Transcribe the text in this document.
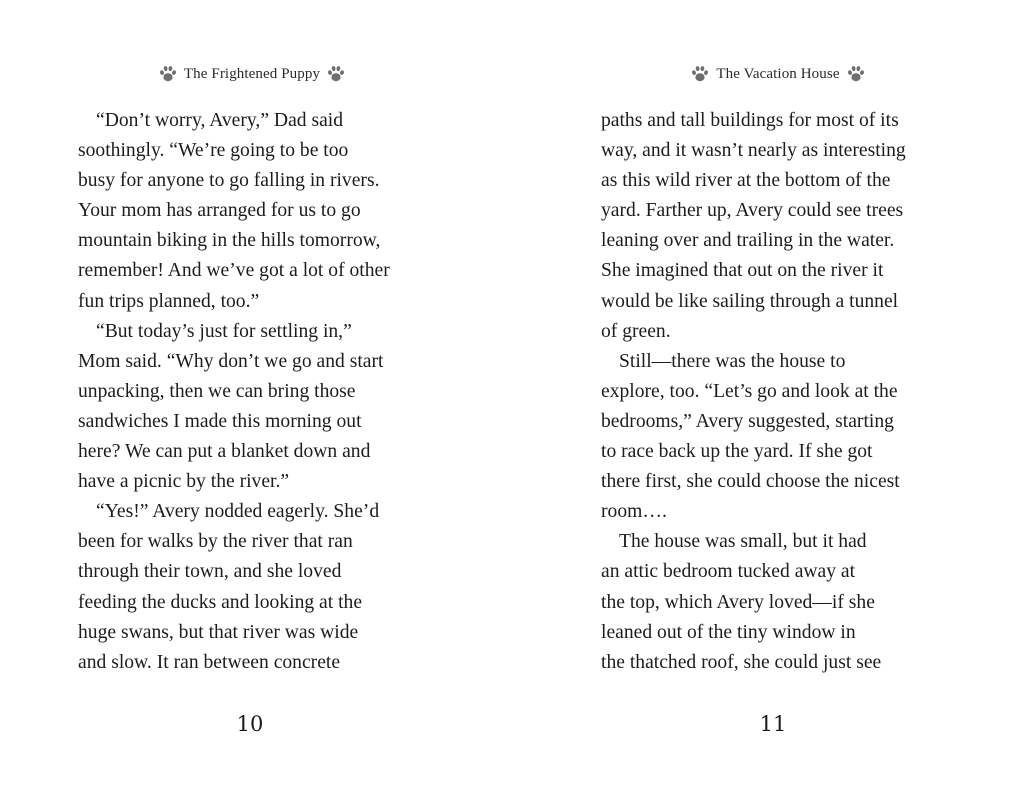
The Frightened Puppy
“Don’t worry, Avery,” Dad said
soothingly. “We’re going to be too
busy for anyone to go falling in rivers.
Your mom has arranged for us to go
mountain biking in the hills tomorrow,
remember! And we’ve got a lot of other
fun trips planned, too.”
“But today’s just for settling in,”
Mom said. “Why don’t we go and start
unpacking, then we can bring those
sandwiches I made this morning out
here? We can put a blanket down and
have a picnic by the river.”
“Yes!” Avery nodded eagerly. She’d
been for walks by the river that ran
through their town, and she loved
feeding the ducks and looking at the
huge swans, but that river was wide
and slow. It ran between concrete
10
The Vacation House
paths and tall buildings for most of its
way, and it wasn’t nearly as interesting
as this wild river at the bottom of the
yard. Farther up, Avery could see trees
leaning over and trailing in the water.
She imagined that out on the river it
would be like sailing through a tunnel
of green.
Still—there was the house to
explore, too. “Let’s go and look at the
bedrooms,” Avery suggested, starting
to race back up the yard. If she got
there first, she could choose the nicest
room….
The house was small, but it had
an attic bedroom tucked away at
the top, which Avery loved—if she
leaned out of the tiny window in
the thatched roof, she could just see
11
